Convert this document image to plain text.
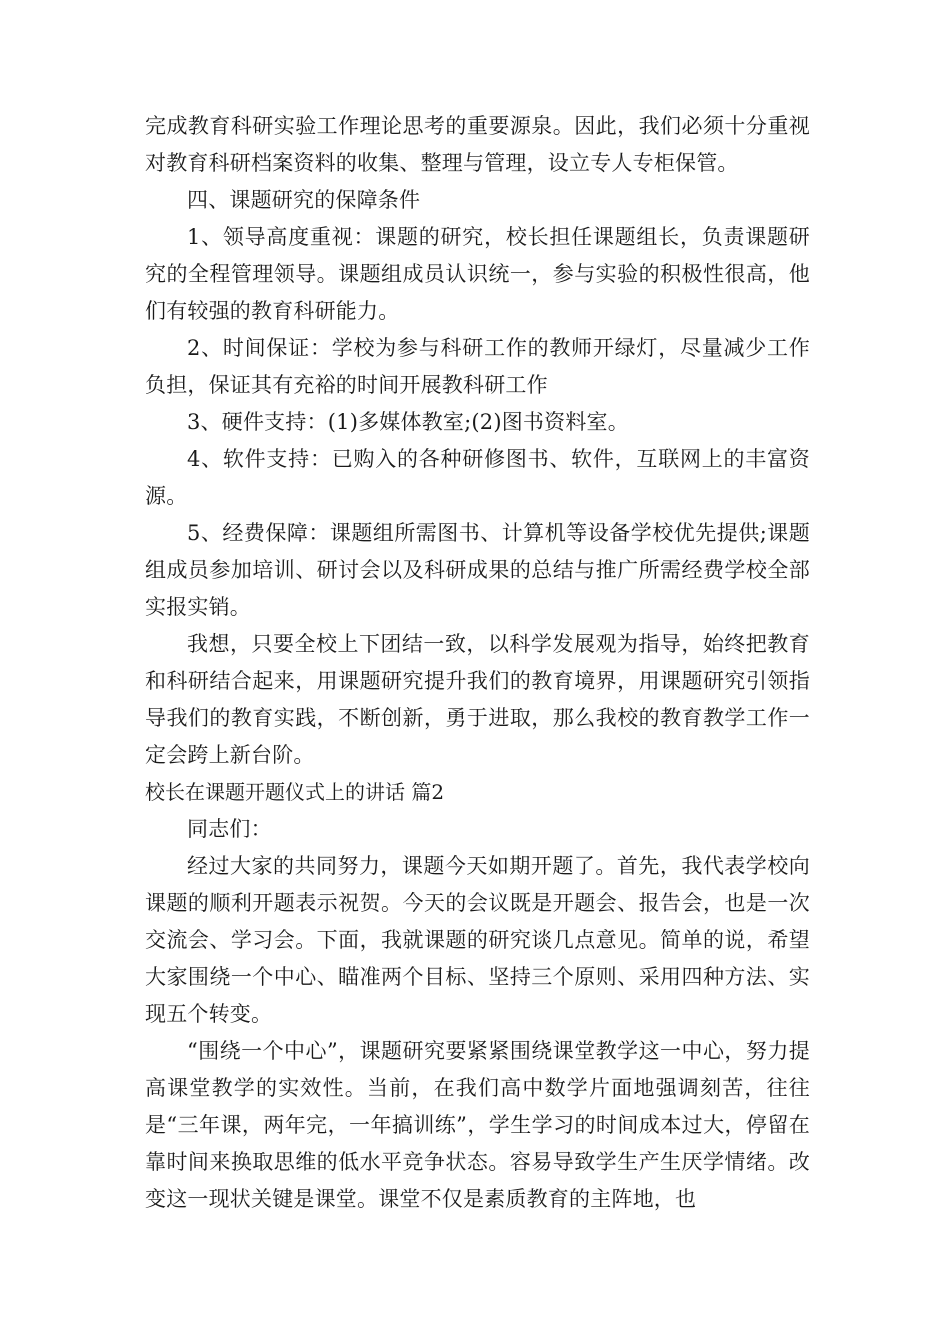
完成教育科研实验工作理论思考的重要源泉。因此，我们必须十分重视对教育科研档案资料的收集、整理与管理，设立专人专柜保管。

四、课题研究的保障条件

1、领导高度重视：课题的研究，校长担任课题组长，负责课题研究的全程管理领导。课题组成员认识统一，参与实验的积极性很高，他们有较强的教育科研能力。

2、时间保证：学校为参与科研工作的教师开绿灯，尽量减少工作负担，保证其有充裕的时间开展教科研工作

3、硬件支持：(1)多媒体教室;(2)图书资料室。

4、软件支持：已购入的各种研修图书、软件，互联网上的丰富资源。

5、经费保障：课题组所需图书、计算机等设备学校优先提供;课题组成员参加培训、研讨会以及科研成果的总结与推广所需经费学校全部实报实销。

我想，只要全校上下团结一致，以科学发展观为指导，始终把教育和科研结合起来，用课题研究提升我们的教育境界，用课题研究引领指导我们的教育实践，不断创新，勇于进取，那么我校的教育教学工作一定会跨上新台阶。

校长在课题开题仪式上的讲话 篇2

同志们：

经过大家的共同努力，课题今天如期开题了。首先，我代表学校向课题的顺利开题表示祝贺。今天的会议既是开题会、报告会，也是一次交流会、学习会。下面，我就课题的研究谈几点意见。简单的说，希望大家围绕一个中心、瞄准两个目标、坚持三个原则、采用四种方法、实现五个转变。

“围绕一个中心”，课题研究要紧紧围绕课堂教学这一中心，努力提高课堂教学的实效性。当前，在我们高中数学片面地强调刻苦，往往是“三年课，两年完，一年搞训练”，学生学习的时间成本过大，停留在靠时间来换取思维的低水平竞争状态。容易导致学生产生厌学情绪。改变这一现状关键是课堂。课堂不仅是素质教育的主阵地，也
